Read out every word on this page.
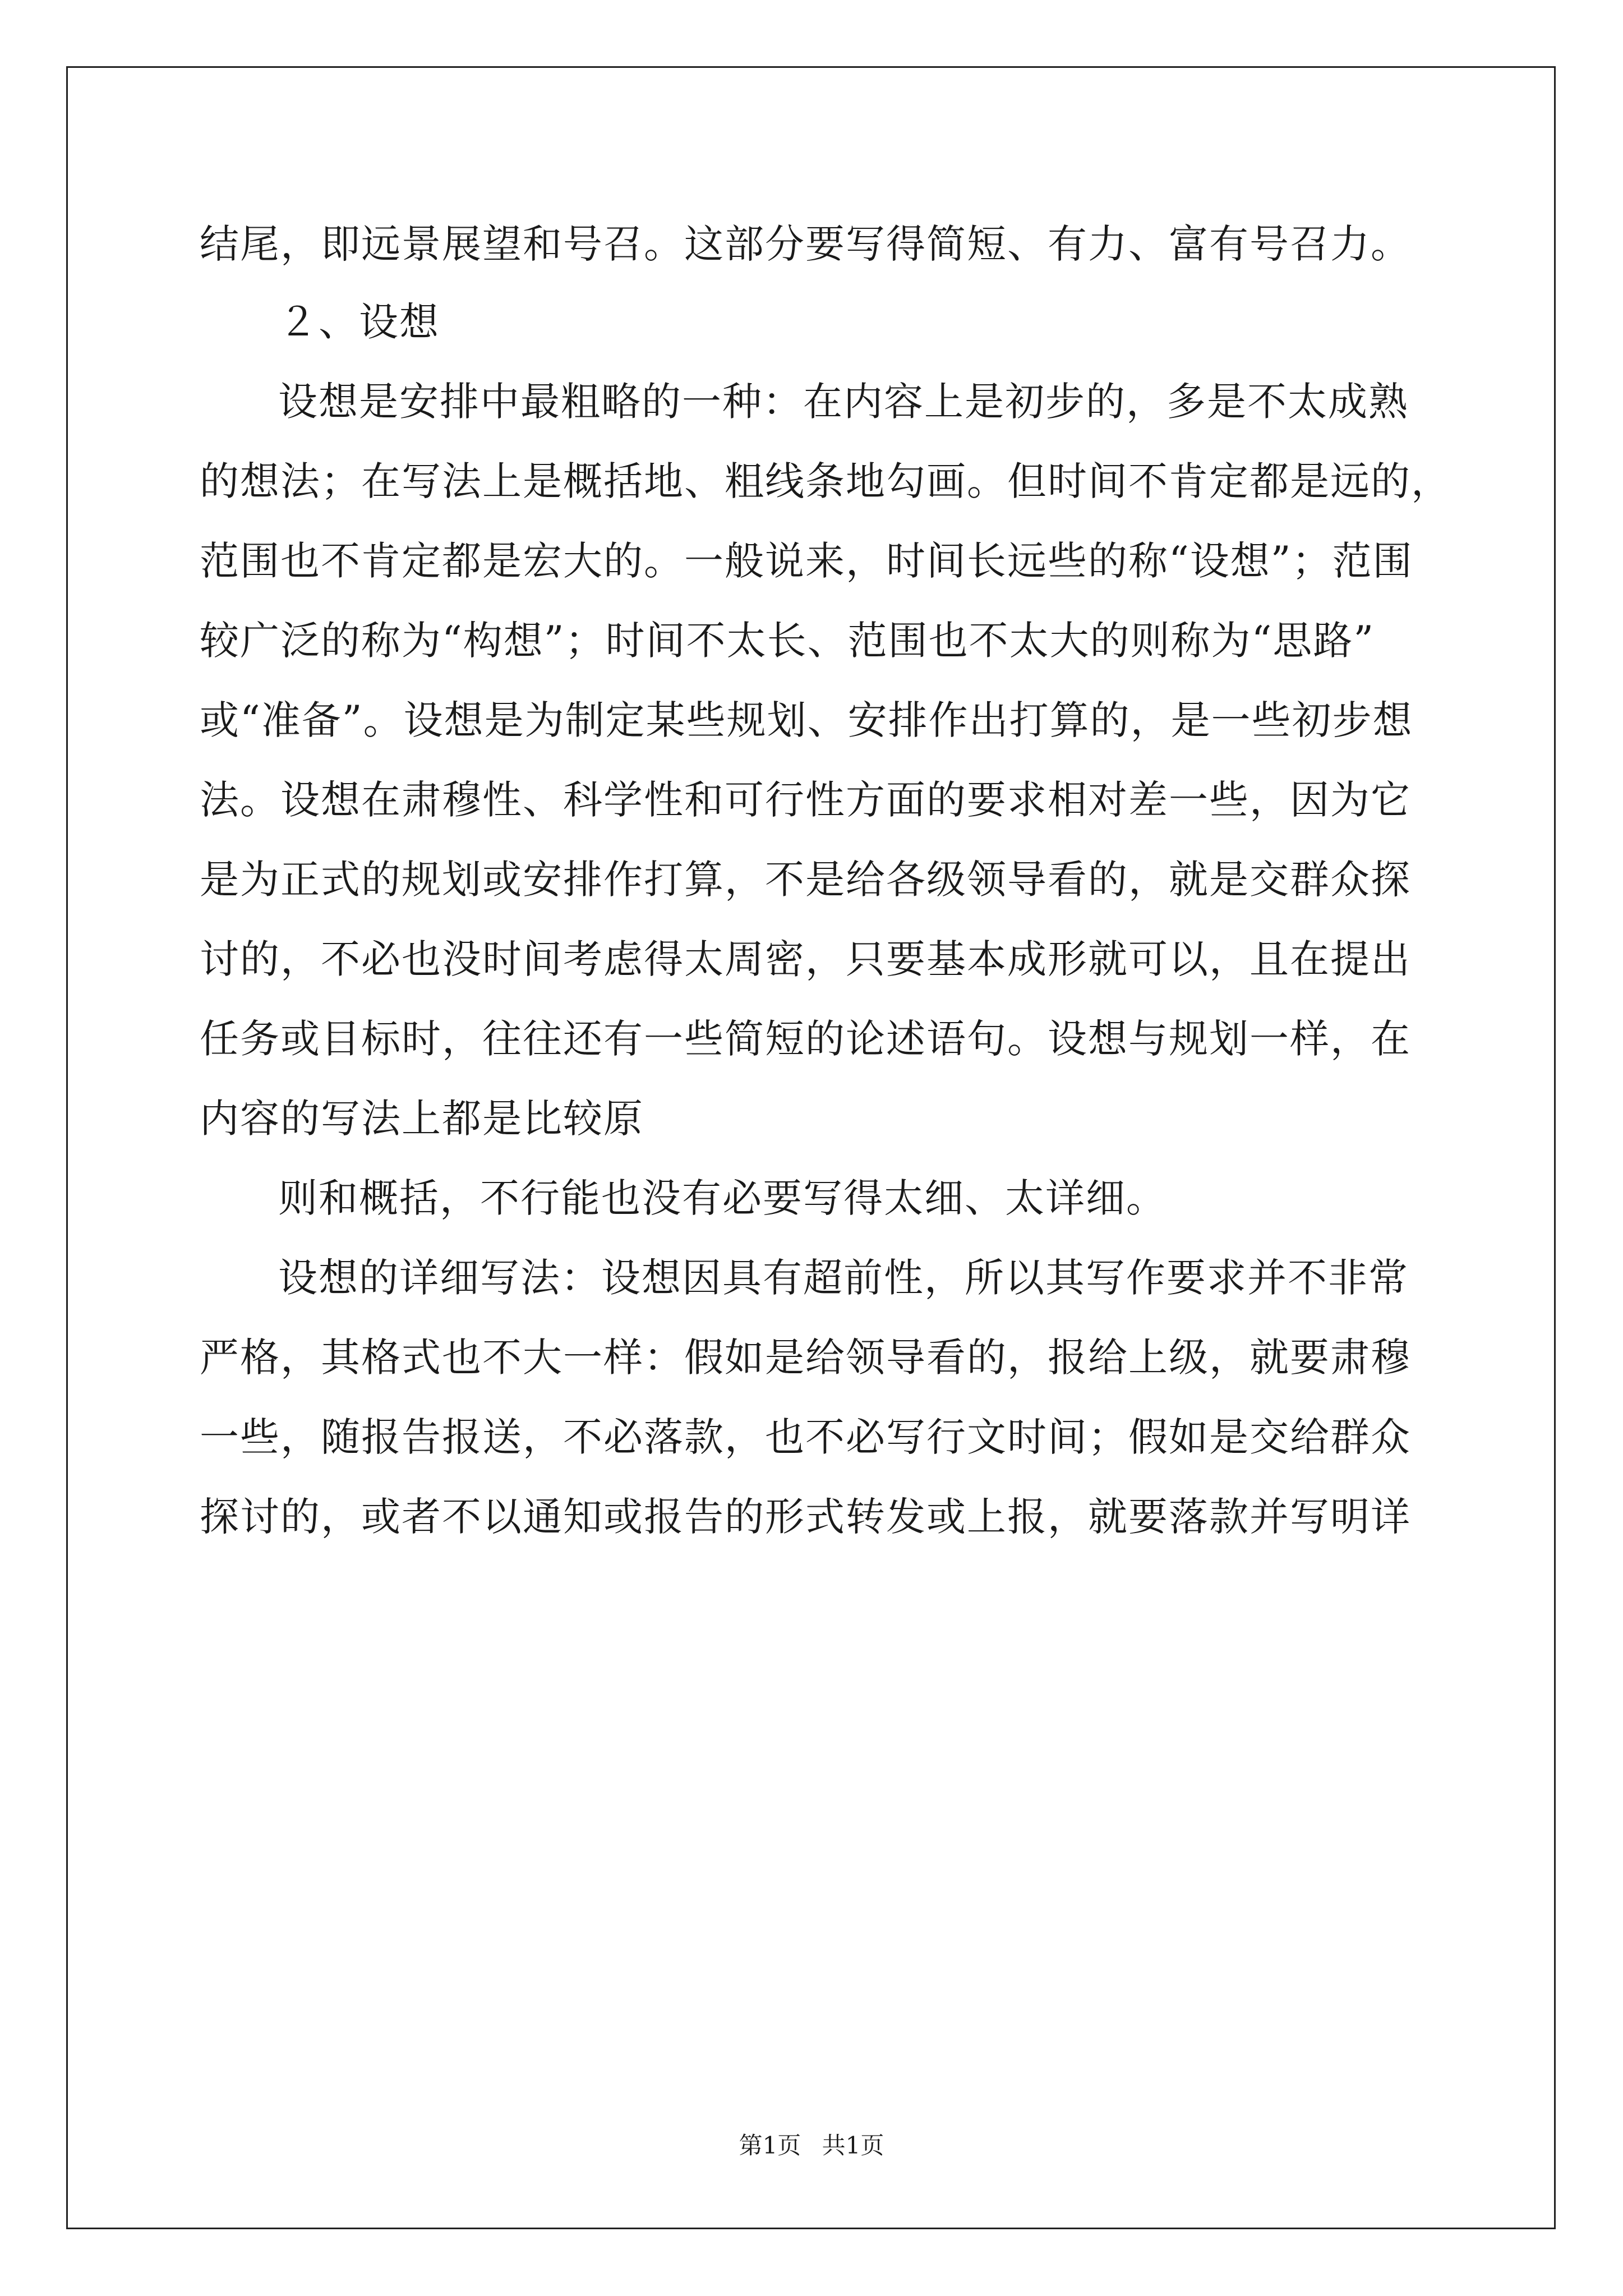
结尾，即远景展望和号召。这部分要写得简短、有力、富有号召力。
２、设想
设想是安排中最粗略的一种：在内容上是初步的，多是不太成熟
的想法；在写法上是概括地、粗线条地勾画。但时间不肯定都是远的，
范围也不肯定都是宏大的。一般说来，时间长远些的称“设想”；范围
较广泛的称为“构想”；时间不太长、范围也不太大的则称为“思路”
或“准备”。设想是为制定某些规划、安排作出打算的，是一些初步想
法。设想在肃穆性、科学性和可行性方面的要求相对差一些，因为它
是为正式的规划或安排作打算，不是给各级领导看的，就是交群众探
讨的，不必也没时间考虑得太周密，只要基本成形就可以，且在提出
任务或目标时，往往还有一些简短的论述语句。设想与规划一样，在
内容的写法上都是比较原
则和概括，不行能也没有必要写得太细、太详细。
设想的详细写法：设想因具有超前性，所以其写作要求并不非常
严格，其格式也不大一样：假如是给领导看的，报给上级，就要肃穆
一些，随报告报送，不必落款，也不必写行文时间；假如是交给群众
探讨的，或者不以通知或报告的形式转发或上报，就要落款并写明详
第1页 共1页
